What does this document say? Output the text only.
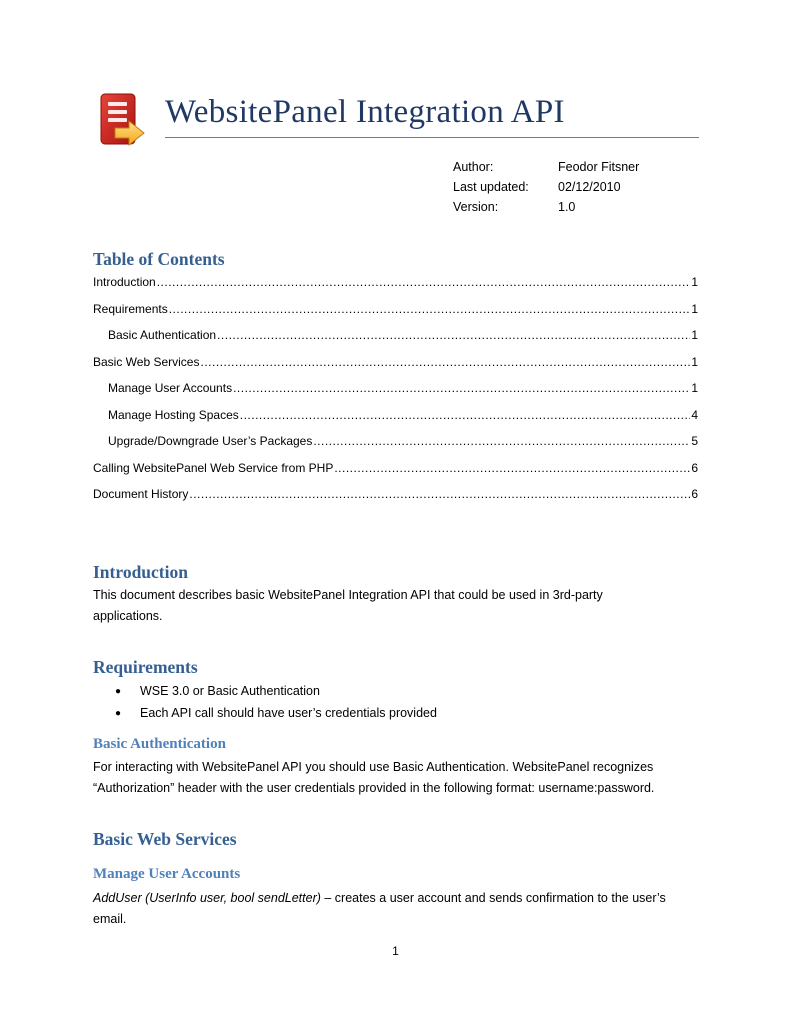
WebsitePanel Integration API
Author:	Feodor Fitsner
Last updated:	02/12/2010
Version:	1.0
Table of Contents
Introduction .....	1
Requirements .....	1
Basic Authentication .....	1
Basic Web Services .....	1
Manage User Accounts .....	1
Manage Hosting Spaces .....	4
Upgrade/Downgrade User’s Packages .....	5
Calling WebsitePanel Web Service from PHP .....	6
Document History .....	6
Introduction
This document describes basic WebsitePanel Integration API that could be used in 3rd-party applications.
Requirements
●	WSE 3.0 or Basic Authentication
●	Each API call should have user’s credentials provided
Basic Authentication
For interacting with WebsitePanel API you should use Basic Authentication. WebsitePanel recognizes “Authorization” header with the user credentials provided in the following format: username:password.
Basic Web Services
Manage User Accounts
AddUser (UserInfo user, bool sendLetter) – creates a user account and sends confirmation to the user’s email.
1
